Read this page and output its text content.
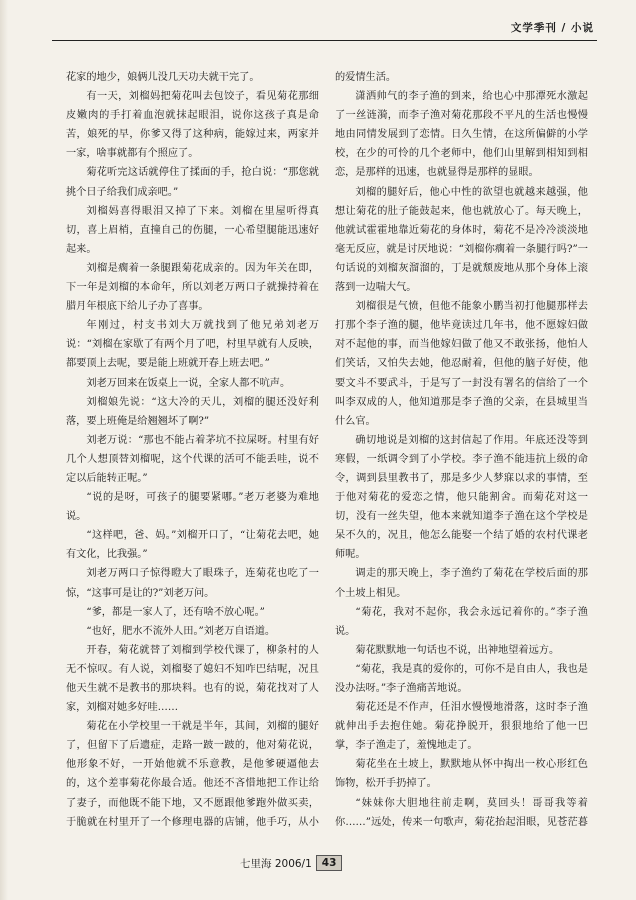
文学季刊 / 小说

花家的地少，娘俩儿没几天功夫就干完了。

有一天，刘榴妈把菊花叫去包饺子，看见菊花那细皮嫩肉的手打着血泡就抹起眼泪，说你这孩子真是命苦，娘死的早，你爹又得了这种病，能嫁过来，两家并一家，啥事就都有个照应了。

菊花听完这话就停住了揉面的手，抢白说：“那您就挑个日子给我们成亲吧。”

刘榴妈喜得眼泪又掉了下来。刘榴在里屋听得真切，喜上眉梢，直撞自己的伤腿，一心希望腿能迅速好起来。

刘榴是瘸着一条腿跟菊花成亲的。因为年关在即，下一年是刘榴的本命年，所以刘老万两口子就操持着在腊月年根底下给儿子办了喜事。

年刚过，村支书刘大万就找到了他兄弟刘老万说：“刘榴在家歇了有两个月了吧，村里早就有人反映，都要顶上去呢，要是能上班就开春上班去吧。”

刘老万回来在饭桌上一说，全家人都不吭声。

刘榴娘先说：“这大冷的天儿，刘榴的腿还没好利落，要上班俺是给翘翘坏了啊?”

刘老万说：“那也不能占着茅坑不拉屎呀。村里有好几个人想顶替刘榴呢，这个代课的活可不能丢哇，说不定以后能转正呢。”

“说的是呀，可孩子的腿要紧哪。”老万老婆为难地说。

“这样吧，爸、妈。”刘榴开口了，“让菊花去吧，她有文化，比我强。”

刘老万两口子惊得瞪大了眼珠子，连菊花也吃了一惊，“这事可是让的?”刘老万问。

“爹，都是一家人了，还有啥不放心呢。”

“也好，肥水不流外人田。”刘老万自语道。

开春，菊花就替了刘榴到学校代课了，柳条村的人无不惊叹。有人说，刘榴娶了媳妇不知咋巴结呢，况且他天生就不是教书的那块料。也有的说，菊花找对了人家，刘榴对她多好哇……

菊花在小学校里一干就是半年，其间，刘榴的腿好了，但留下了后遗症，走路一跛一跛的，他对菊花说，他形象不好，一开始他就不乐意教，是他爹硬逼他去的，这个差事菊花你最合适。他还不吝惜地把工作让给了妻子，而他既不能下地，又不愿跟他爹跑外做买卖，于脆就在村里开了一个修理电器的店铺，他手巧，从小

的爱情生活。

潇洒帅气的李子渔的到来，给也心中那潭死水激起了一丝涟漪，而李子渔对菊花那段不平凡的生活也慢慢地由同情发展到了恋情。日久生情，在这所偏僻的小学校，在少的可怜的几个老师中，他们山里解到相知到相恋，是那样的迅速，也就显得是那样的显眼。

刘榴的腿好后，他心中性的欲望也就越来越强，他想让菊花的肚子能鼓起来，他也就放心了。每天晚上，他就试霍霍地靠近菊花的身体时，菊花不是冷冷淡淡地毫无反应，就是讨厌地说：“刘榴你瘸着一条腿行吗?”一句话说的刘榴灰溜溜的，丁是就颓废地从那个身体上滚落到一边喘大气。

刘榴很是气愤，但他不能象小鹏当初打他腿那样去打那个李子渔的腿，他毕竟读过几年书，他不愿嫁妇做对不起他的事，而当他嫁妇做了他又不敢张扬，他怕人们笑话，又怕失去她，他忍耐着，但他的脑子好使，他要文斗不要武斗，于是写了一封没有署名的信给了一个叫李双成的人，他知道那是李子渔的父亲，在县城里当什么官。

确切地说是刘榴的这封信起了作用。年底还没等到寒假，一纸调令到了小学校。李子渔不能违抗上级的命令，调到县里教书了，那是多少人梦寐以求的事情，至于他对菊花的爱恋之情，他只能割舍。而菊花对这一切，没有一丝失望，他本来就知道李子渔在这个学校是呆不久的，况且，他怎么能娶一个结了婚的农村代课老师呢。

调走的那天晚上，李子渔约了菊花在学校后面的那个土坡上相见。

“菊花，我对不起你，我会永远记着你的。”李子渔说。

菊花默默地一句话也不说，出神地望着远方。

“菊花，我是真的爱你的，可你不是自由人，我也是没办法呀。”李子渔痛苦地说。

菊花还是不作声，任泪水慢慢地滑落，这时李子渔就伸出手去抱住她。菊花挣脱开，狠狠地给了他一巴掌，李子渔走了，羞愧地走了。

菊花坐在土坡上，默默地从怀中掏出一枚心形红色饰物，松开手扔掉了。

“妹妹你大胆地往前走啊，莫回头！哥哥我等着你……”远处，传来一句歌声，菊花抬起泪眼，见苍茫暮

七里海 2006/1 43
